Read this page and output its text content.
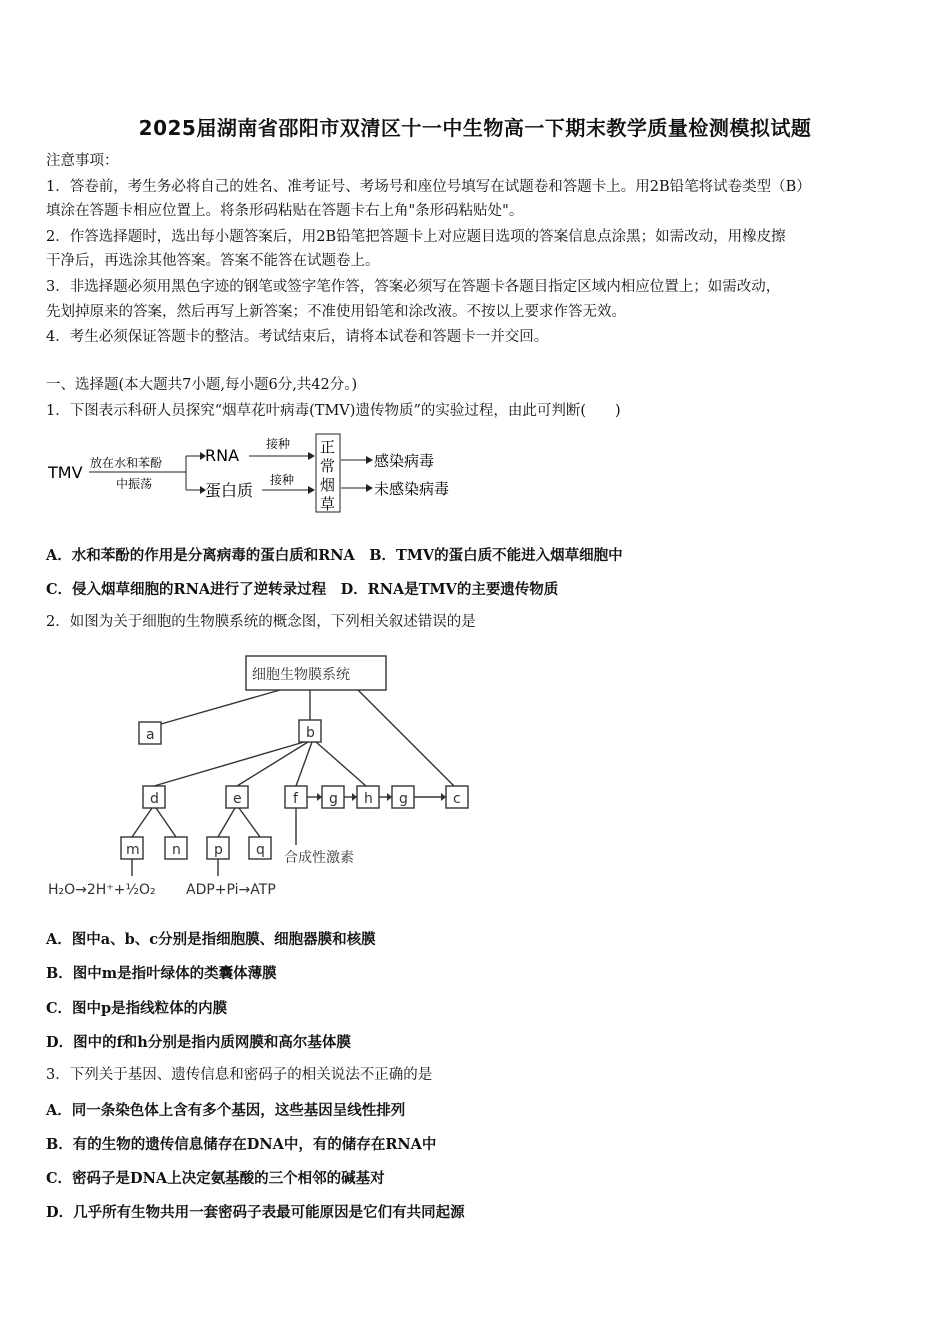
2025届湖南省邵阳市双清区十一中生物高一下期末教学质量检测模拟试题
注意事项：
1．答卷前，考生务必将自己的姓名、准考证号、考场号和座位号填写在试题卷和答题卡上。用2B铅笔将试卷类型（B）
填涂在答题卡相应位置上。将条形码粘贴在答题卡右上角"条形码粘贴处"。
2．作答选择题时，选出每小题答案后，用2B铅笔把答题卡上对应题目选项的答案信息点涂黑；如需改动，用橡皮擦
干净后，再选涂其他答案。答案不能答在试题卷上。
3．非选择题必须用黑色字迹的钢笔或签字笔作答，答案必须写在答题卡各题目指定区域内相应位置上；如需改动，
先划掉原来的答案，然后再写上新答案；不准使用铅笔和涂改液。不按以上要求作答无效。
4．考生必须保证答题卡的整洁。考试结束后，请将本试卷和答题卡一并交回。
一、选择题(本大题共7小题,每小题6分,共42分。)
1．下图表示科研人员探究“烟草花叶病毒(TMV)遗传物质”的实验过程，由此可判断(　　)
TMV 放在水和苯酚
中振荡
RNA
蛋白质
接种
接种
正
常
烟
草
感染病毒
未感染病毒
A．水和苯酚的作用是分离病毒的蛋白质和RNA　B．TMV的蛋白质不能进入烟草细胞中
C．侵入烟草细胞的RNA进行了逆转录过程　D．RNA是TMV的主要遗传物质
2．如图为关于细胞的生物膜系统的概念图，下列相关叙述错误的是
细胞生物膜系统
a	b
d	e	f g h g	c
m n p q 合成性激素
H₂O→2H⁺+½O₂ ADP+Pi→ATP
A．图中a、b、c分别是指细胞膜、细胞器膜和核膜
B．图中m是指叶绿体的类囊体薄膜
C．图中p是指线粒体的内膜
D．图中的f和h分别是指内质网膜和高尔基体膜
3．下列关于基因、遗传信息和密码子的相关说法不正确的是
A．同一条染色体上含有多个基因，这些基因呈线性排列
B．有的生物的遗传信息储存在DNA中，有的储存在RNA中
C．密码子是DNA上决定氨基酸的三个相邻的碱基对
D．几乎所有生物共用一套密码子表最可能原因是它们有共同起源
